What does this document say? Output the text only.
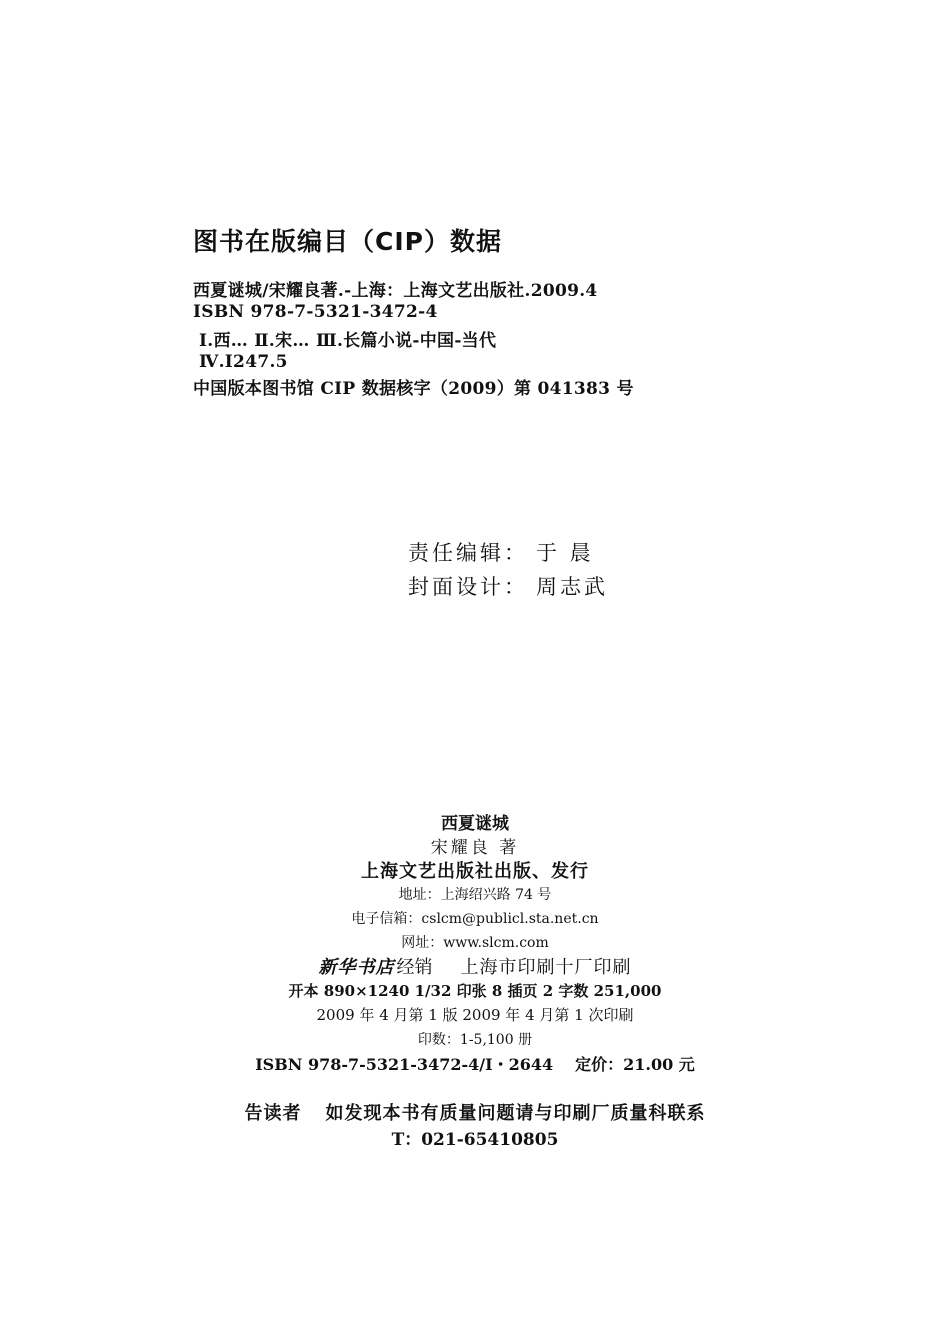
图书在版编目（CIP）数据
西夏谜城/宋耀良著.-上海：上海文艺出版社.2009.4
ISBN 978-7-5321-3472-4
Ⅰ.西… Ⅱ.宋… Ⅲ.长篇小说-中国-当代
Ⅳ.I247.5
中国版本图书馆 CIP 数据核字（2009）第 041383 号
责任编辑： 于 晨
封面设计： 周志武
西夏谜城
宋耀良 著
上海文艺出版社出版、发行
地址：上海绍兴路 74 号
电子信箱：cslcm@publicl.sta.net.cn
网址：www.slcm.com
新华书店 经销 上海市印刷十厂印刷
开本 890×1240 1/32 印张 8 插页 2 字数 251,000
2009 年 4 月第 1 版 2009 年 4 月第 1 次印刷
印数：1-5,100 册
ISBN 978-7-5321-3472-4/I・2644 定价：21.00 元
告读者 如发现本书有质量问题请与印刷厂质量科联系
T：021-65410805
